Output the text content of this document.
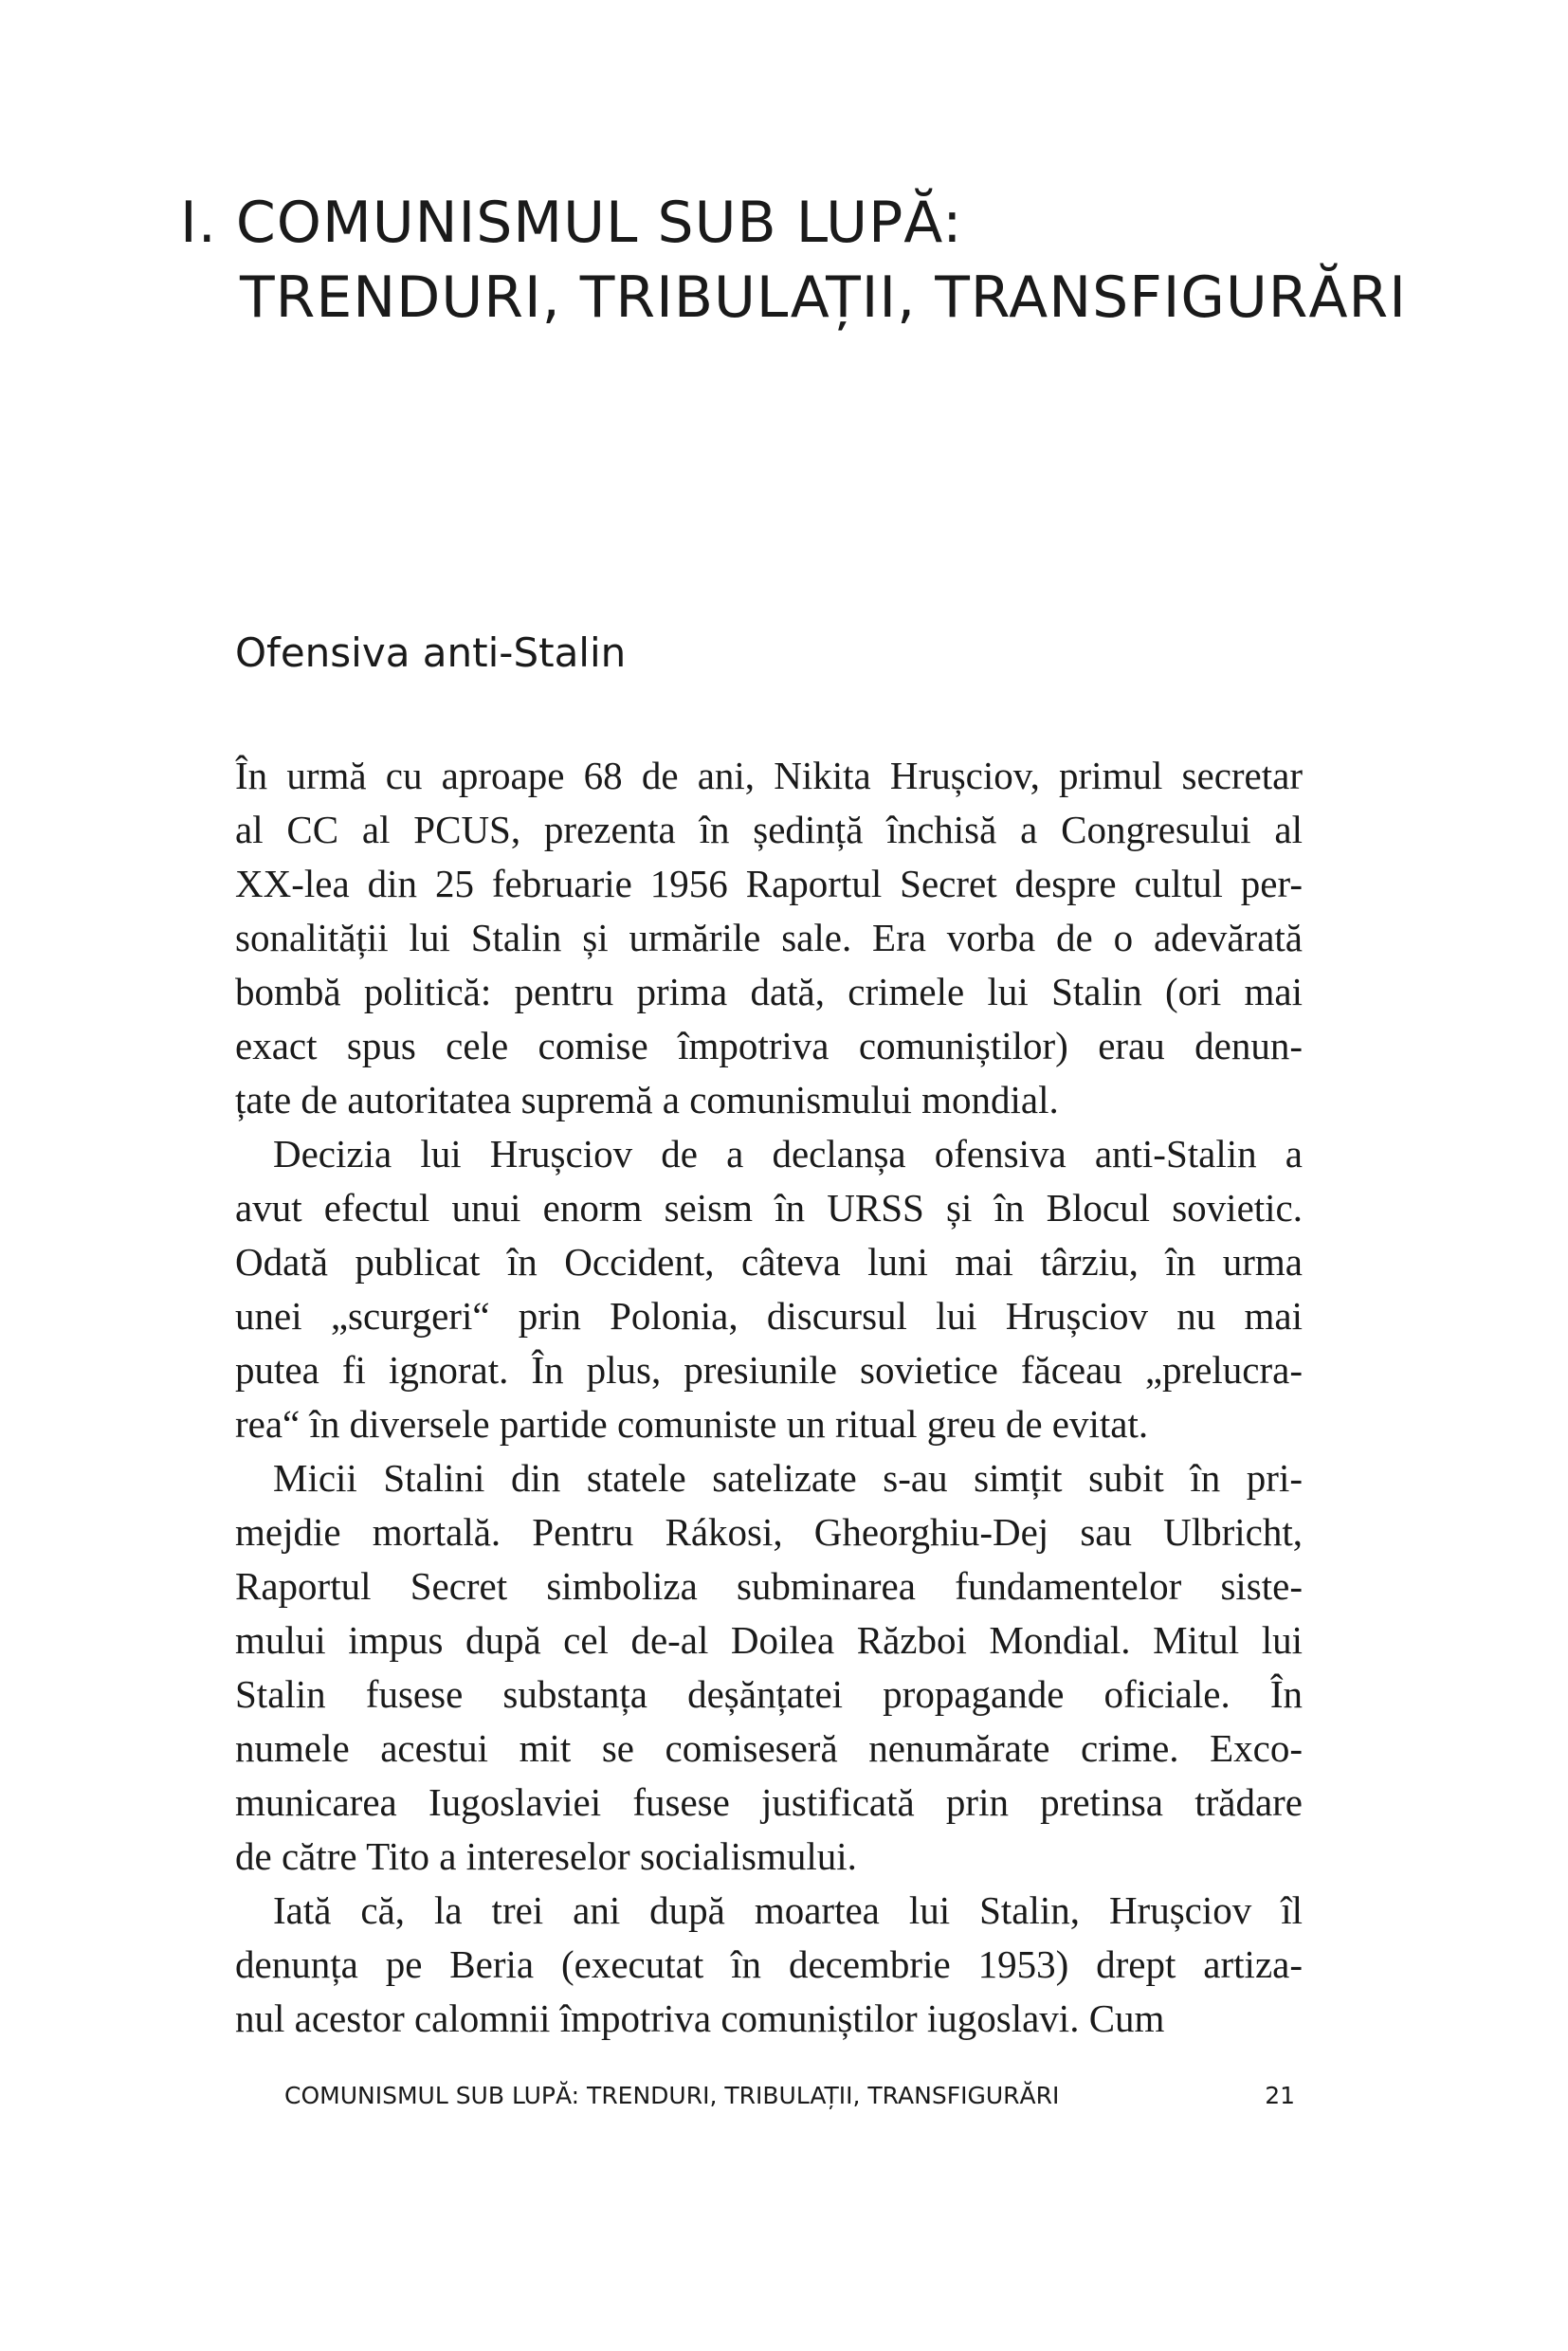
I. COMUNISMUL SUB LUPĂ:
TRENDURI, TRIBULAȚII, TRANSFIGURĂRI
Ofensiva anti-Stalin
În urmă cu aproape 68 de ani, Nikita Hrușciov, primul secretar
al CC al PCUS, prezenta în ședință închisă a Congresului al
XX-lea din 25 februarie 1956 Raportul Secret despre cultul per-
sonalității lui Stalin și urmările sale. Era vorba de o adevărată
bombă politică: pentru prima dată, crimele lui Stalin (ori mai
exact spus cele comise împotriva comuniștilor) erau denun-
țate de autoritatea supremă a comunismului mondial.
Decizia lui Hrușciov de a declanșa ofensiva anti-Stalin a
avut efectul unui enorm seism în URSS și în Blocul sovietic.
Odată publicat în Occident, câteva luni mai târziu, în urma
unei „scurgeri“ prin Polonia, discursul lui Hrușciov nu mai
putea fi ignorat. În plus, presiunile sovietice făceau „prelucra-
rea“ în diversele partide comuniste un ritual greu de evitat.
Micii Stalini din statele satelizate s-au simțit subit în pri-
mejdie mortală. Pentru Rákosi, Gheorghiu-Dej sau Ulbricht,
Raportul Secret simboliza subminarea fundamentelor siste-
mului impus după cel de-al Doilea Război Mondial. Mitul lui
Stalin fusese substanța deșănțatei propagande oficiale. În
numele acestui mit se comiseseră nenumărate crime. Exco-
municarea Iugoslaviei fusese justificată prin pretinsa trădare
de către Tito a intereselor socialismului.
Iată că, la trei ani după moartea lui Stalin, Hrușciov îl
denunța pe Beria (executat în decembrie 1953) drept artiza-
nul acestor calomnii împotriva comuniștilor iugoslavi. Cum
COMUNISMUL SUB LUPĂ: TRENDURI, TRIBULAȚII, TRANSFIGURĂRI	21
